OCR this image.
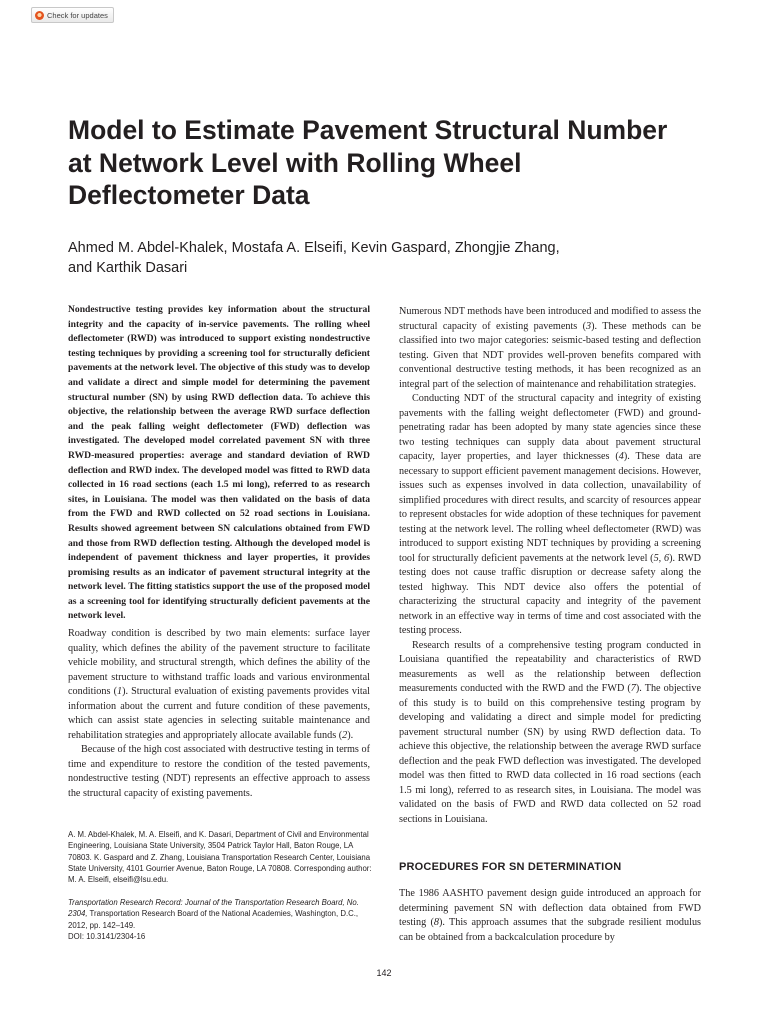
Check for updates
Model to Estimate Pavement Structural Number at Network Level with Rolling Wheel Deflectometer Data
Ahmed M. Abdel-Khalek, Mostafa A. Elseifi, Kevin Gaspard, Zhongjie Zhang,
and Karthik Dasari
Nondestructive testing provides key information about the structural integrity and the capacity of in-service pavements. The rolling wheel deflectometer (RWD) was introduced to support existing nondestructive testing techniques by providing a screening tool for structurally deficient pavements at the network level. The objective of this study was to develop and validate a direct and simple model for determining the pavement structural number (SN) by using RWD deflection data. To achieve this objective, the relationship between the average RWD surface deflection and the peak falling weight deflectometer (FWD) deflection was investigated. The developed model correlated pavement SN with three RWD-measured properties: average and standard deviation of RWD deflection and RWD index. The developed model was fitted to RWD data collected in 16 road sections (each 1.5 mi long), referred to as research sites, in Louisiana. The model was then validated on the basis of data from the FWD and RWD collected on 52 road sections in Louisiana. Results showed agreement between SN calculations obtained from FWD and those from RWD deflection testing. Although the developed model is independent of pavement thickness and layer properties, it provides promising results as an indicator of pavement structural integrity at the network level. The fitting statistics support the use of the proposed model as a screening tool for identifying structurally deficient pavements at the network level.

Roadway condition is described by two main elements: surface layer quality, which defines the ability of the pavement structure to facilitate vehicle mobility, and structural strength, which defines the ability of the pavement structure to withstand traffic loads and various environmental conditions (1). Structural evaluation of existing pavements provides vital information about the current and future condition of these pavements, which can assist state agencies in selecting suitable maintenance and rehabilitation strategies and appropriately allocate available funds (2).

Because of the high cost associated with destructive testing in terms of time and expenditure to restore the condition of the tested pavements, nondestructive testing (NDT) represents an effective approach to assess the structural capacity of existing pavements.

A. M. Abdel-Khalek, M. A. Elseifi, and K. Dasari, Department of Civil and Environmental Engineering, Louisiana State University, 3504 Patrick Taylor Hall, Baton Rouge, LA 70803. K. Gaspard and Z. Zhang, Louisiana Transportation Research Center, Louisiana State University, 4101 Gourrier Avenue, Baton Rouge, LA 70808. Corresponding author: M. A. Elseifi, elseifi@lsu.edu.

Transportation Research Record: Journal of the Transportation Research Board, No. 2304, Transportation Research Board of the National Academies, Washington, D.C., 2012, pp. 142–149.

DOI: 10.3141/2304-16

Numerous NDT methods have been introduced and modified to assess the structural capacity of existing pavements (3). These methods can be classified into two major categories: seismic-based testing and deflection testing. Given that NDT provides well-proven benefits compared with conventional destructive testing methods, it has been recognized as an integral part of the selection of maintenance and rehabilitation strategies.

Conducting NDT of the structural capacity and integrity of existing pavements with the falling weight deflectometer (FWD) and ground-penetrating radar has been adopted by many state agencies since these two testing techniques can supply data about pavement structural capacity, layer properties, and layer thicknesses (4). These data are necessary to support efficient pavement management decisions. However, issues such as expenses involved in data collection, unavailability of simplified procedures with direct results, and scarcity of resources appear to represent obstacles for wide adoption of these techniques for pavement testing at the network level. The rolling wheel deflectometer (RWD) was introduced to support existing NDT techniques by providing a screening tool for structurally deficient pavements at the network level (5, 6). RWD testing does not cause traffic disruption or decrease safety along the tested highway. This NDT device also offers the potential of characterizing the structural capacity and integrity of the pavement network in an effective way in terms of time and cost associated with the testing process.

Research results of a comprehensive testing program conducted in Louisiana quantified the repeatability and characteristics of RWD measurements as well as the relationship between deflection measurements conducted with the RWD and the FWD (7). The objective of this study is to build on this comprehensive testing program by developing and validating a direct and simple model for predicting pavement structural number (SN) by using RWD deflection data. To achieve this objective, the relationship between the average RWD surface deflection and the peak FWD deflection was investigated. The developed model was then fitted to RWD data collected in 16 road sections (each 1.5 mi long), referred to as research sites, in Louisiana. The model was validated on the basis of FWD and RWD data collected on 52 road sections in Louisiana.

PROCEDURES FOR SN DETERMINATION

The 1986 AASHTO pavement design guide introduced an approach for determining pavement SN with deflection data obtained from FWD testing (8). This approach assumes that the subgrade resilient modulus can be obtained from a backcalculation procedure by

142
